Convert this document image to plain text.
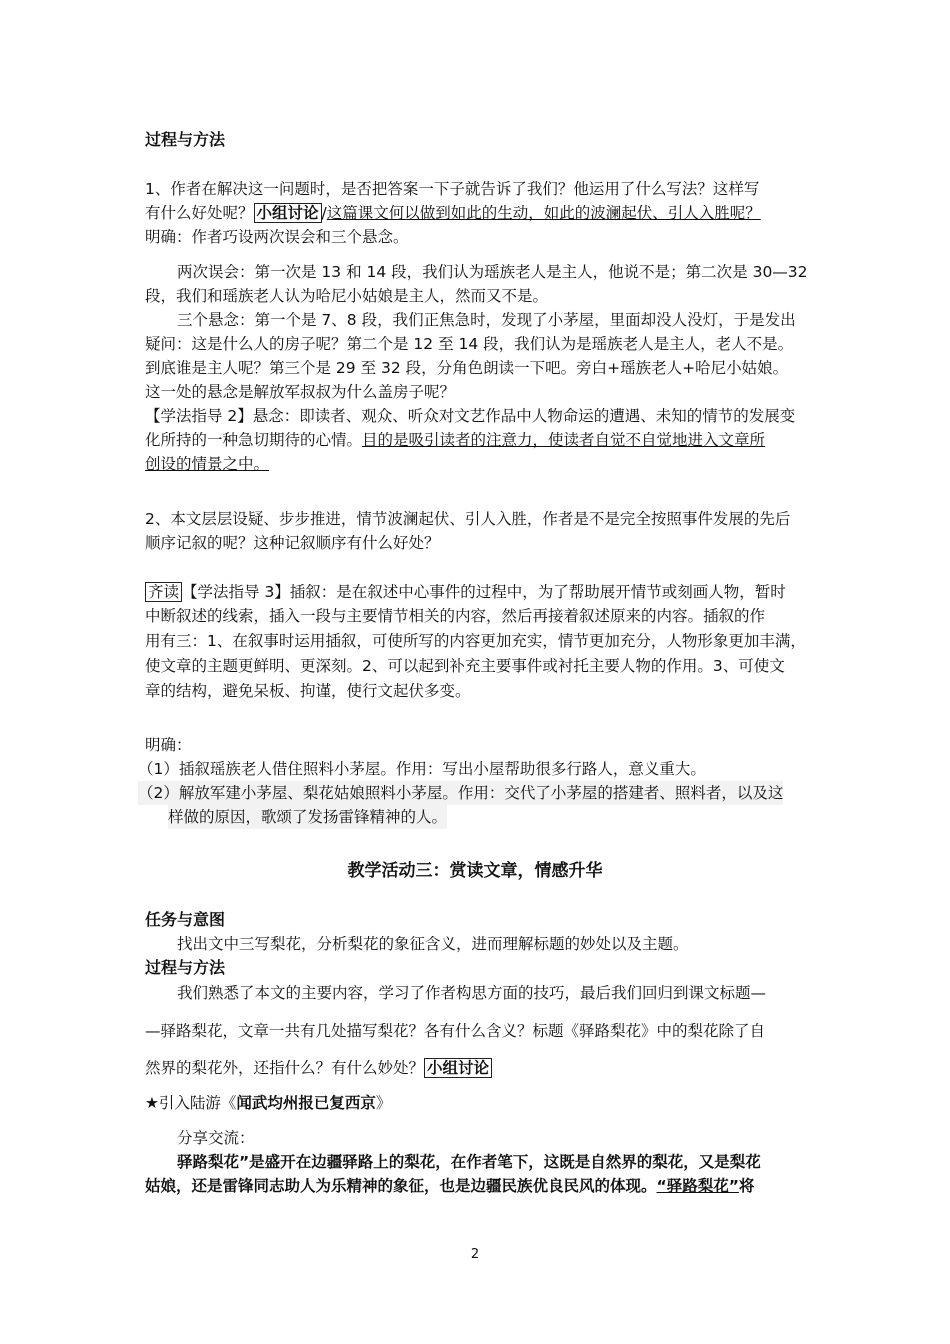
过程与方法
1、作者在解决这一问题时，是否把答案一下子就告诉了我们？他运用了什么写法？这样写
有什么好处呢？ 小组讨论 /这篇课文何以做到如此的生动，如此的波澜起伏、引人入胜呢？
明确：作者巧设两次误会和三个悬念。
两次误会：第一次是 13 和 14 段，我们认为瑶族老人是主人，他说不是；第二次是 30—32
段，我们和瑶族老人认为哈尼小姑娘是主人，然而又不是。
三个悬念：第一个是 7、8 段，我们正焦急时，发现了小茅屋，里面却没人没灯，于是发出
疑问：这是什么人的房子呢？第二个是 12 至 14 段，我们认为是瑶族老人是主人，老人不是。
到底谁是主人呢？第三个是 29 至 32 段，分角色朗读一下吧。旁白+瑶族老人+哈尼小姑娘。
这一处的悬念是解放军叔叔为什么盖房子呢？
【学法指导 2】悬念：即读者、观众、听众对文艺作品中人物命运的遭遇、未知的情节的发展变
化所持的一种急切期待的心情。目的是吸引读者的注意力，使读者自觉不自觉地进入文章所
创设的情景之中。
2、本文层层设疑、步步推进，情节波澜起伏、引人入胜，作者是不是完全按照事件发展的先后
顺序记叙的呢？这种记叙顺序有什么好处？
齐读 【学法指导 3】插叙：是在叙述中心事件的过程中，为了帮助展开情节或刻画人物，暂时
中断叙述的线索，插入一段与主要情节相关的内容，然后再接着叙述原来的内容。插叙的作
用有三：1、在叙事时运用插叙，可使所写的内容更加充实，情节更加充分，人物形象更加丰满，
使文章的主题更鲜明、更深刻。2、可以起到补充主要事件或衬托主要人物的作用。3、可使文
章的结构，避免呆板、拘谨，使行文起伏多变。
明确：
（1）插叙瑶族老人借住照料小茅屋。作用：写出小屋帮助很多行路人，意义重大。
（2）解放军建小茅屋、梨花姑娘照料小茅屋。作用：交代了小茅屋的搭建者、照料者，以及这
样做的原因，歌颂了发扬雷锋精神的人。
教学活动三：赏读文章，情感升华
任务与意图
找出文中三写梨花，分析梨花的象征含义，进而理解标题的妙处以及主题。
过程与方法
我们熟悉了本文的主要内容，学习了作者构思方面的技巧，最后我们回归到课文标题—
—驿路梨花，文章一共有几处描写梨花？各有什么含义？标题《驿路梨花》中的梨花除了自
然界的梨花外，还指什么？有什么妙处？ 小组讨论
★引入陆游《闻武均州报已复西京》
分享交流：
驿路梨花”是盛开在边疆驿路上的梨花，在作者笔下，这既是自然界的梨花，又是梨花
姑娘，还是雷锋同志助人为乐精神的象征，也是边疆民族优良民风的体现。“驿路梨花”将
2
